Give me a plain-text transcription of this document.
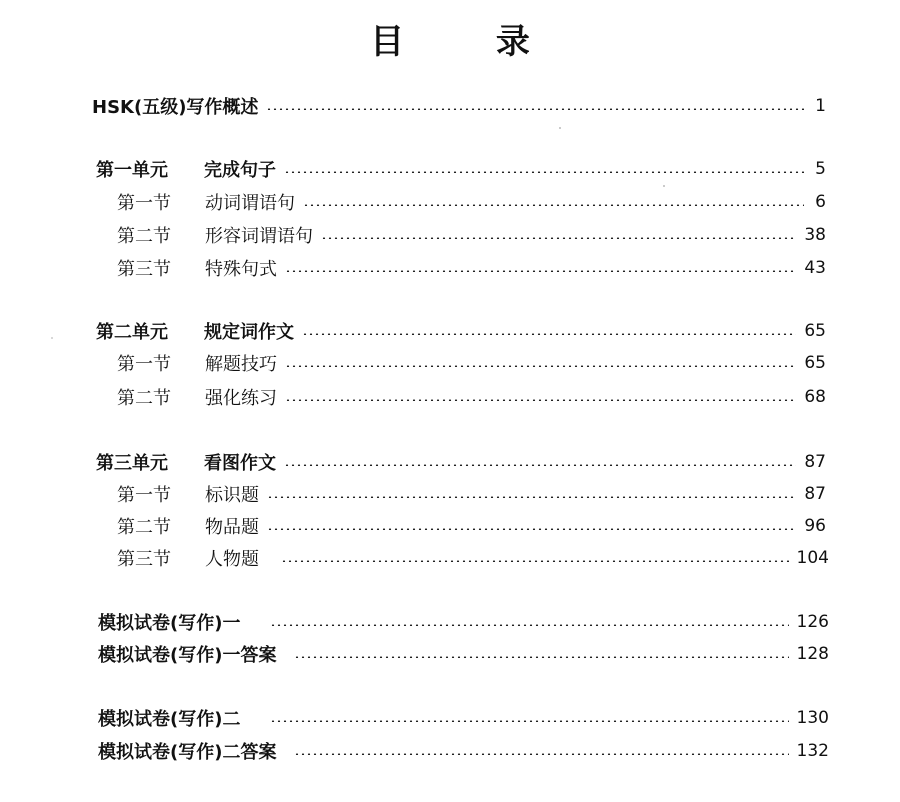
目 录
HSK(五级)写作概述	1
第一单元	完成句子	5
第一节	动词谓语句	6
第二节	形容词谓语句	38
第三节	特殊句式	43
第二单元	规定词作文	65
第一节	解题技巧	65
第二节	强化练习	68
第三单元	看图作文	87
第一节	标识题	87
第二节	物品题	96
第三节	人物题	104
模拟试卷(写作)一	126
模拟试卷(写作)一答案	128
模拟试卷(写作)二	130
模拟试卷(写作)二答案	132
